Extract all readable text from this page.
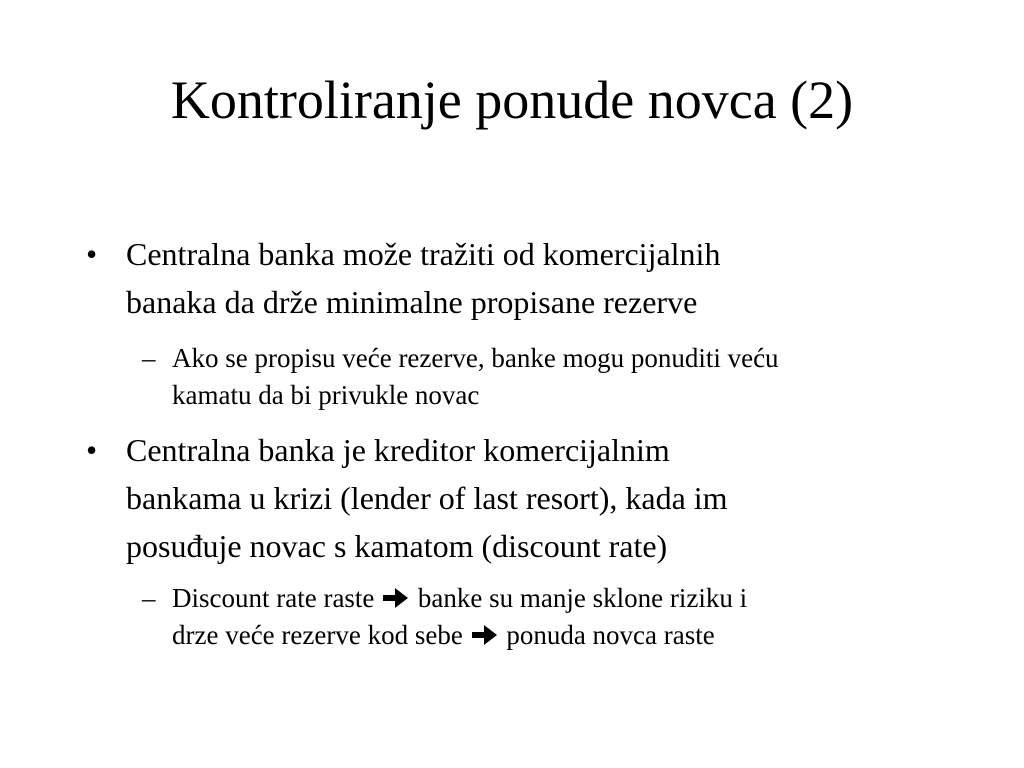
Kontroliranje ponude novca (2)
• Centralna banka može tražiti od komercijalnih
banaka da drže minimalne propisane rezerve
– Ako se propisu veće rezerve, banke mogu ponuditi veću
kamatu da bi privukle novac
• Centralna banka je kreditor komercijalnim
bankama u krizi (lender of last resort), kada im
posuđuje novac s kamatom (discount rate)
– Discount rate raste banke su manje sklone riziku i
drze veće rezerve kod sebe ponuda novca raste
